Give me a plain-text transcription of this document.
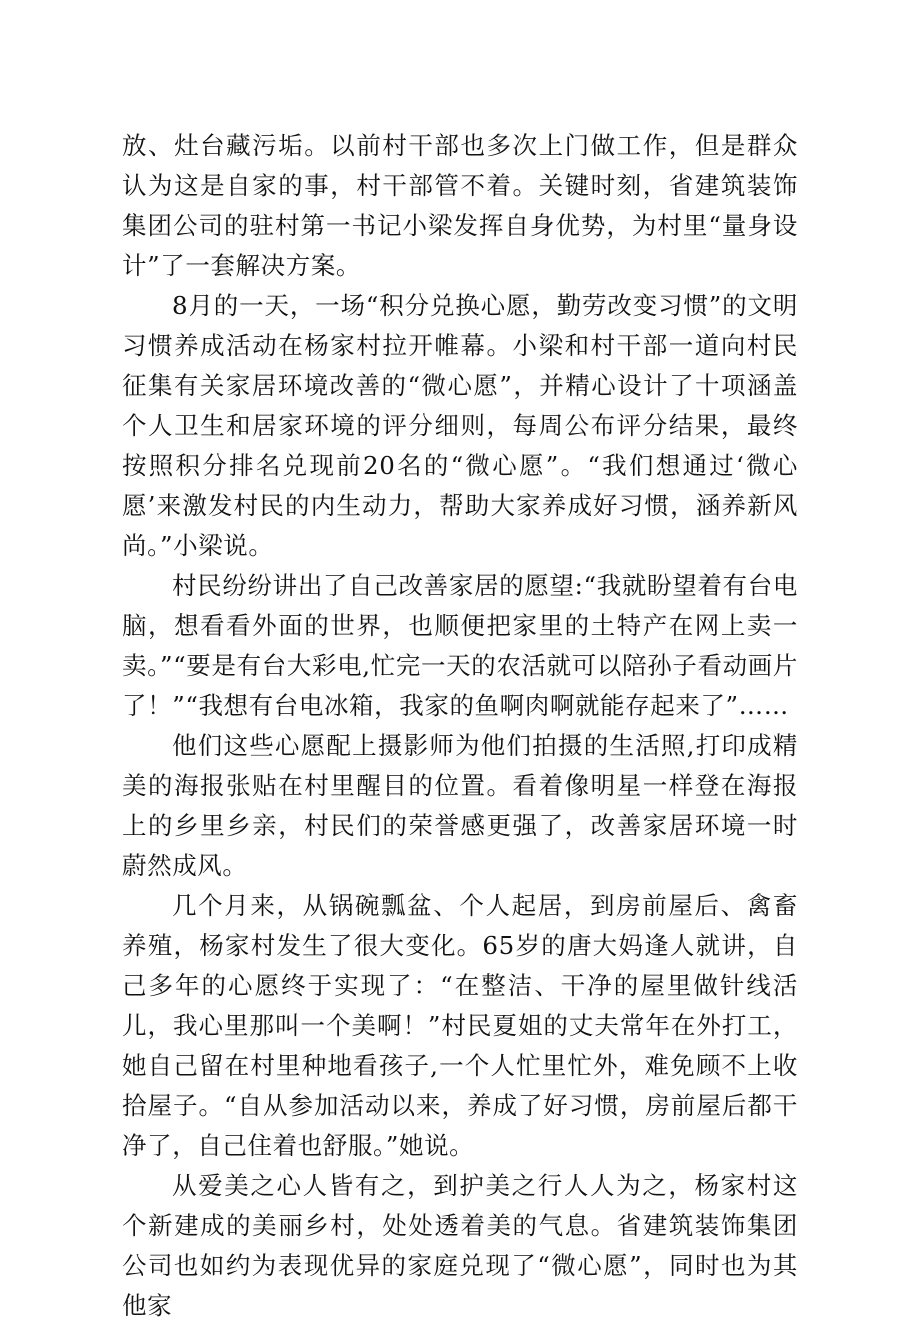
放、灶台藏污垢。以前村干部也多次上门做工作，但是群众认为这是自家的事，村干部管不着。关键时刻，省建筑装饰集团公司的驻村第一书记小梁发挥自身优势，为村里“量身设计”了一套解决方案。

8月的一天，一场“积分兑换心愿，勤劳改变习惯”的文明习惯养成活动在杨家村拉开帷幕。小梁和村干部一道向村民征集有关家居环境改善的“微心愿”，并精心设计了十项涵盖个人卫生和居家环境的评分细则，每周公布评分结果，最终按照积分排名兑现前20名的“微心愿”。“我们想通过‘微心愿’来激发村民的内生动力，帮助大家养成好习惯，涵养新风尚。”小梁说。

村民纷纷讲出了自己改善家居的愿望:“我就盼望着有台电脑，想看看外面的世界，也顺便把家里的土特产在网上卖一卖。”“要是有台大彩电,忙完一天的农活就可以陪孙子看动画片了！”“我想有台电冰箱，我家的鱼啊肉啊就能存起来了”……

他们这些心愿配上摄影师为他们拍摄的生活照,打印成精美的海报张贴在村里醒目的位置。看着像明星一样登在海报上的乡里乡亲，村民们的荣誉感更强了，改善家居环境一时蔚然成风。

几个月来，从锅碗瓢盆、个人起居，到房前屋后、禽畜养殖，杨家村发生了很大变化。65岁的唐大妈逢人就讲，自己多年的心愿终于实现了：“在整洁、干净的屋里做针线活儿，我心里那叫一个美啊！”村民夏姐的丈夫常年在外打工，她自己留在村里种地看孩子,一个人忙里忙外，难免顾不上收拾屋子。“自从参加活动以来，养成了好习惯，房前屋后都干净了，自己住着也舒服。”她说。

从爱美之心人皆有之，到护美之行人人为之，杨家村这个新建成的美丽乡村，处处透着美的气息。省建筑装饰集团公司也如约为表现优异的家庭兑现了“微心愿”，同时也为其他家
